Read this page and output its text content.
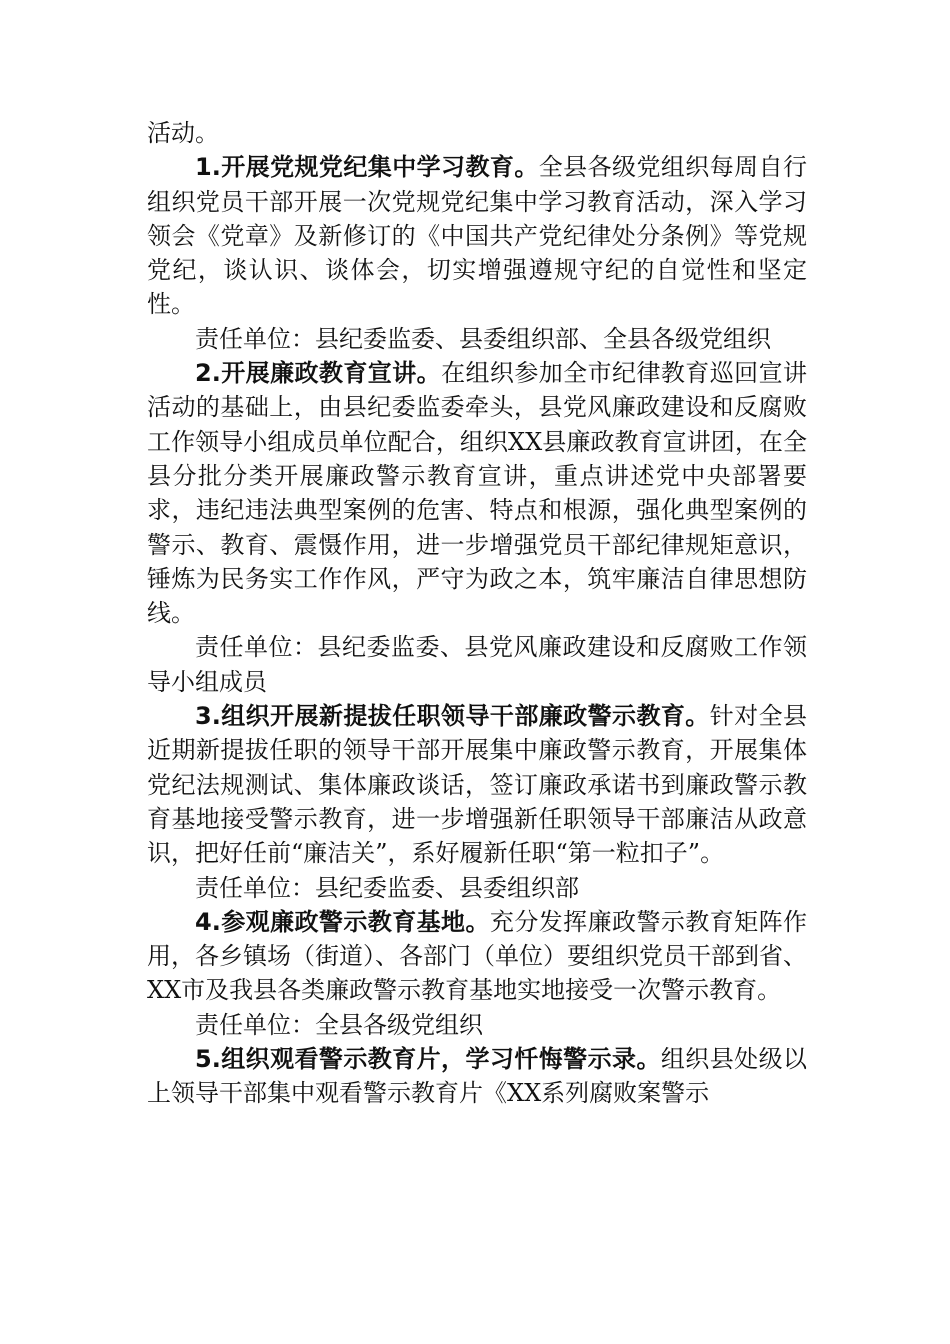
活动。

1.开展党规党纪集中学习教育。全县各级党组织每周自行组织党员干部开展一次党规党纪集中学习教育活动，深入学习领会《党章》及新修订的《中国共产党纪律处分条例》等党规党纪，谈认识、谈体会，切实增强遵规守纪的自觉性和坚定性。

责任单位：县纪委监委、县委组织部、全县各级党组织

2.开展廉政教育宣讲。在组织参加全市纪律教育巡回宣讲活动的基础上，由县纪委监委牵头，县党风廉政建设和反腐败工作领导小组成员单位配合，组织XX县廉政教育宣讲团，在全县分批分类开展廉政警示教育宣讲，重点讲述党中央部署要求，违纪违法典型案例的危害、特点和根源，强化典型案例的警示、教育、震慑作用，进一步增强党员干部纪律规矩意识，锤炼为民务实工作作风，严守为政之本，筑牢廉洁自律思想防线。

责任单位：县纪委监委、县党风廉政建设和反腐败工作领导小组成员

3.组织开展新提拔任职领导干部廉政警示教育。针对全县近期新提拔任职的领导干部开展集中廉政警示教育，开展集体党纪法规测试、集体廉政谈话，签订廉政承诺书到廉政警示教育基地接受警示教育，进一步增强新任职领导干部廉洁从政意识，把好任前“廉洁关”，系好履新任职“第一粒扣子”。

责任单位：县纪委监委、县委组织部

4.参观廉政警示教育基地。充分发挥廉政警示教育矩阵作用，各乡镇场（街道）、各部门（单位）要组织党员干部到省、XX市及我县各类廉政警示教育基地实地接受一次警示教育。

责任单位：全县各级党组织

5.组织观看警示教育片，学习忏悔警示录。组织县处级以上领导干部集中观看警示教育片《XX系列腐败案警示
